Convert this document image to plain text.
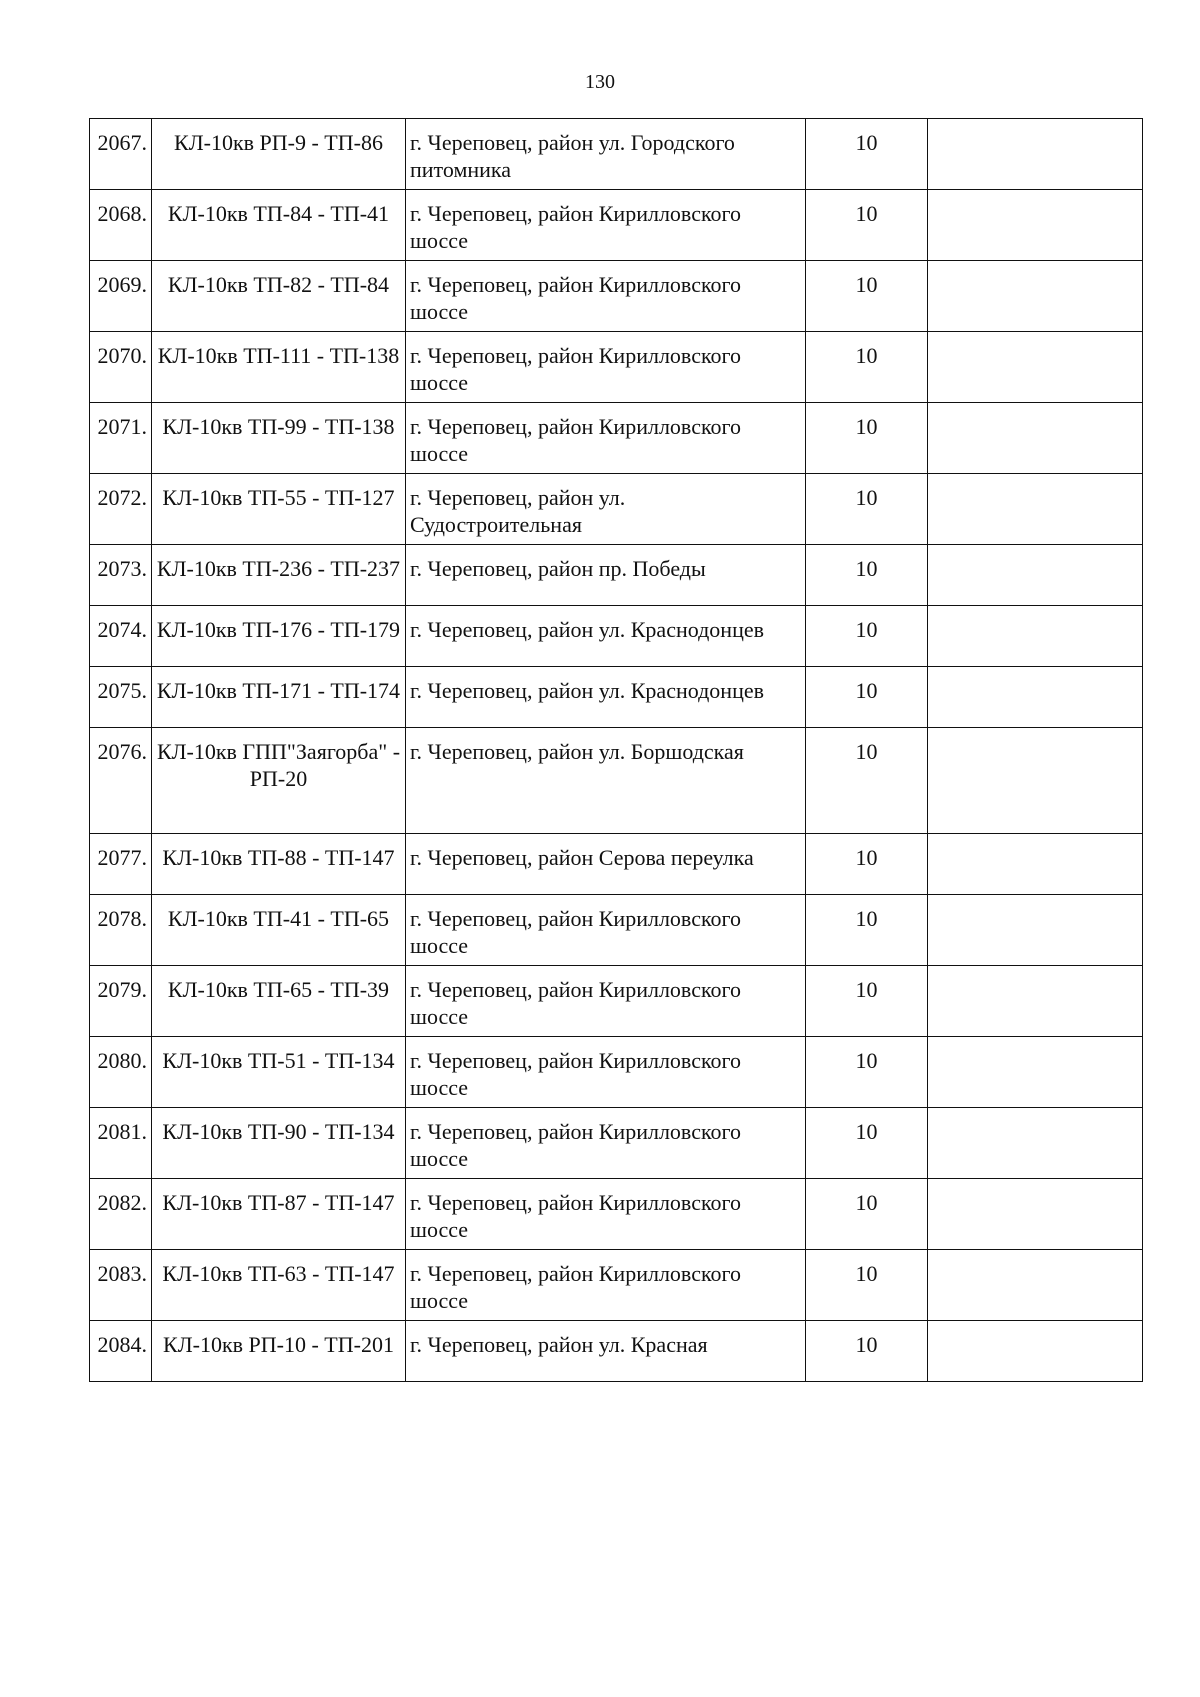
130
2067.	КЛ-10кв РП-9 - ТП-86	г. Череповец, район ул. Городского питомника	10	
2068.	КЛ-10кв ТП-84 - ТП-41	г. Череповец, район Кирилловского шоссе	10	
2069.	КЛ-10кв ТП-82 - ТП-84	г. Череповец, район Кирилловского шоссе	10	
2070.	КЛ-10кв ТП-111 - ТП-138	г. Череповец, район Кирилловского шоссе	10	
2071.	КЛ-10кв ТП-99 - ТП-138	г. Череповец, район Кирилловского шоссе	10	
2072.	КЛ-10кв ТП-55 - ТП-127	г. Череповец, район ул. Судостроительная	10	
2073.	КЛ-10кв ТП-236 - ТП-237	г. Череповец, район пр. Победы	10	
2074.	КЛ-10кв ТП-176 - ТП-179	г. Череповец, район ул. Краснодонцев	10	
2075.	КЛ-10кв ТП-171 - ТП-174	г. Череповец, район ул. Краснодонцев	10	
2076.	КЛ-10кв ГПП"Заягорба" - РП-20	г. Череповец, район ул. Боршодская	10	
2077.	КЛ-10кв ТП-88 - ТП-147	г. Череповец, район Серова переулка	10	
2078.	КЛ-10кв ТП-41 - ТП-65	г. Череповец, район Кирилловского шоссе	10	
2079.	КЛ-10кв ТП-65 - ТП-39	г. Череповец, район Кирилловского шоссе	10	
2080.	КЛ-10кв ТП-51 - ТП-134	г. Череповец, район Кирилловского шоссе	10	
2081.	КЛ-10кв ТП-90 - ТП-134	г. Череповец, район Кирилловского шоссе	10	
2082.	КЛ-10кв ТП-87 - ТП-147	г. Череповец, район Кирилловского шоссе	10	
2083.	КЛ-10кв ТП-63 - ТП-147	г. Череповец, район Кирилловского шоссе	10	
2084.	КЛ-10кв РП-10 - ТП-201	г. Череповец, район ул. Красная	10	
